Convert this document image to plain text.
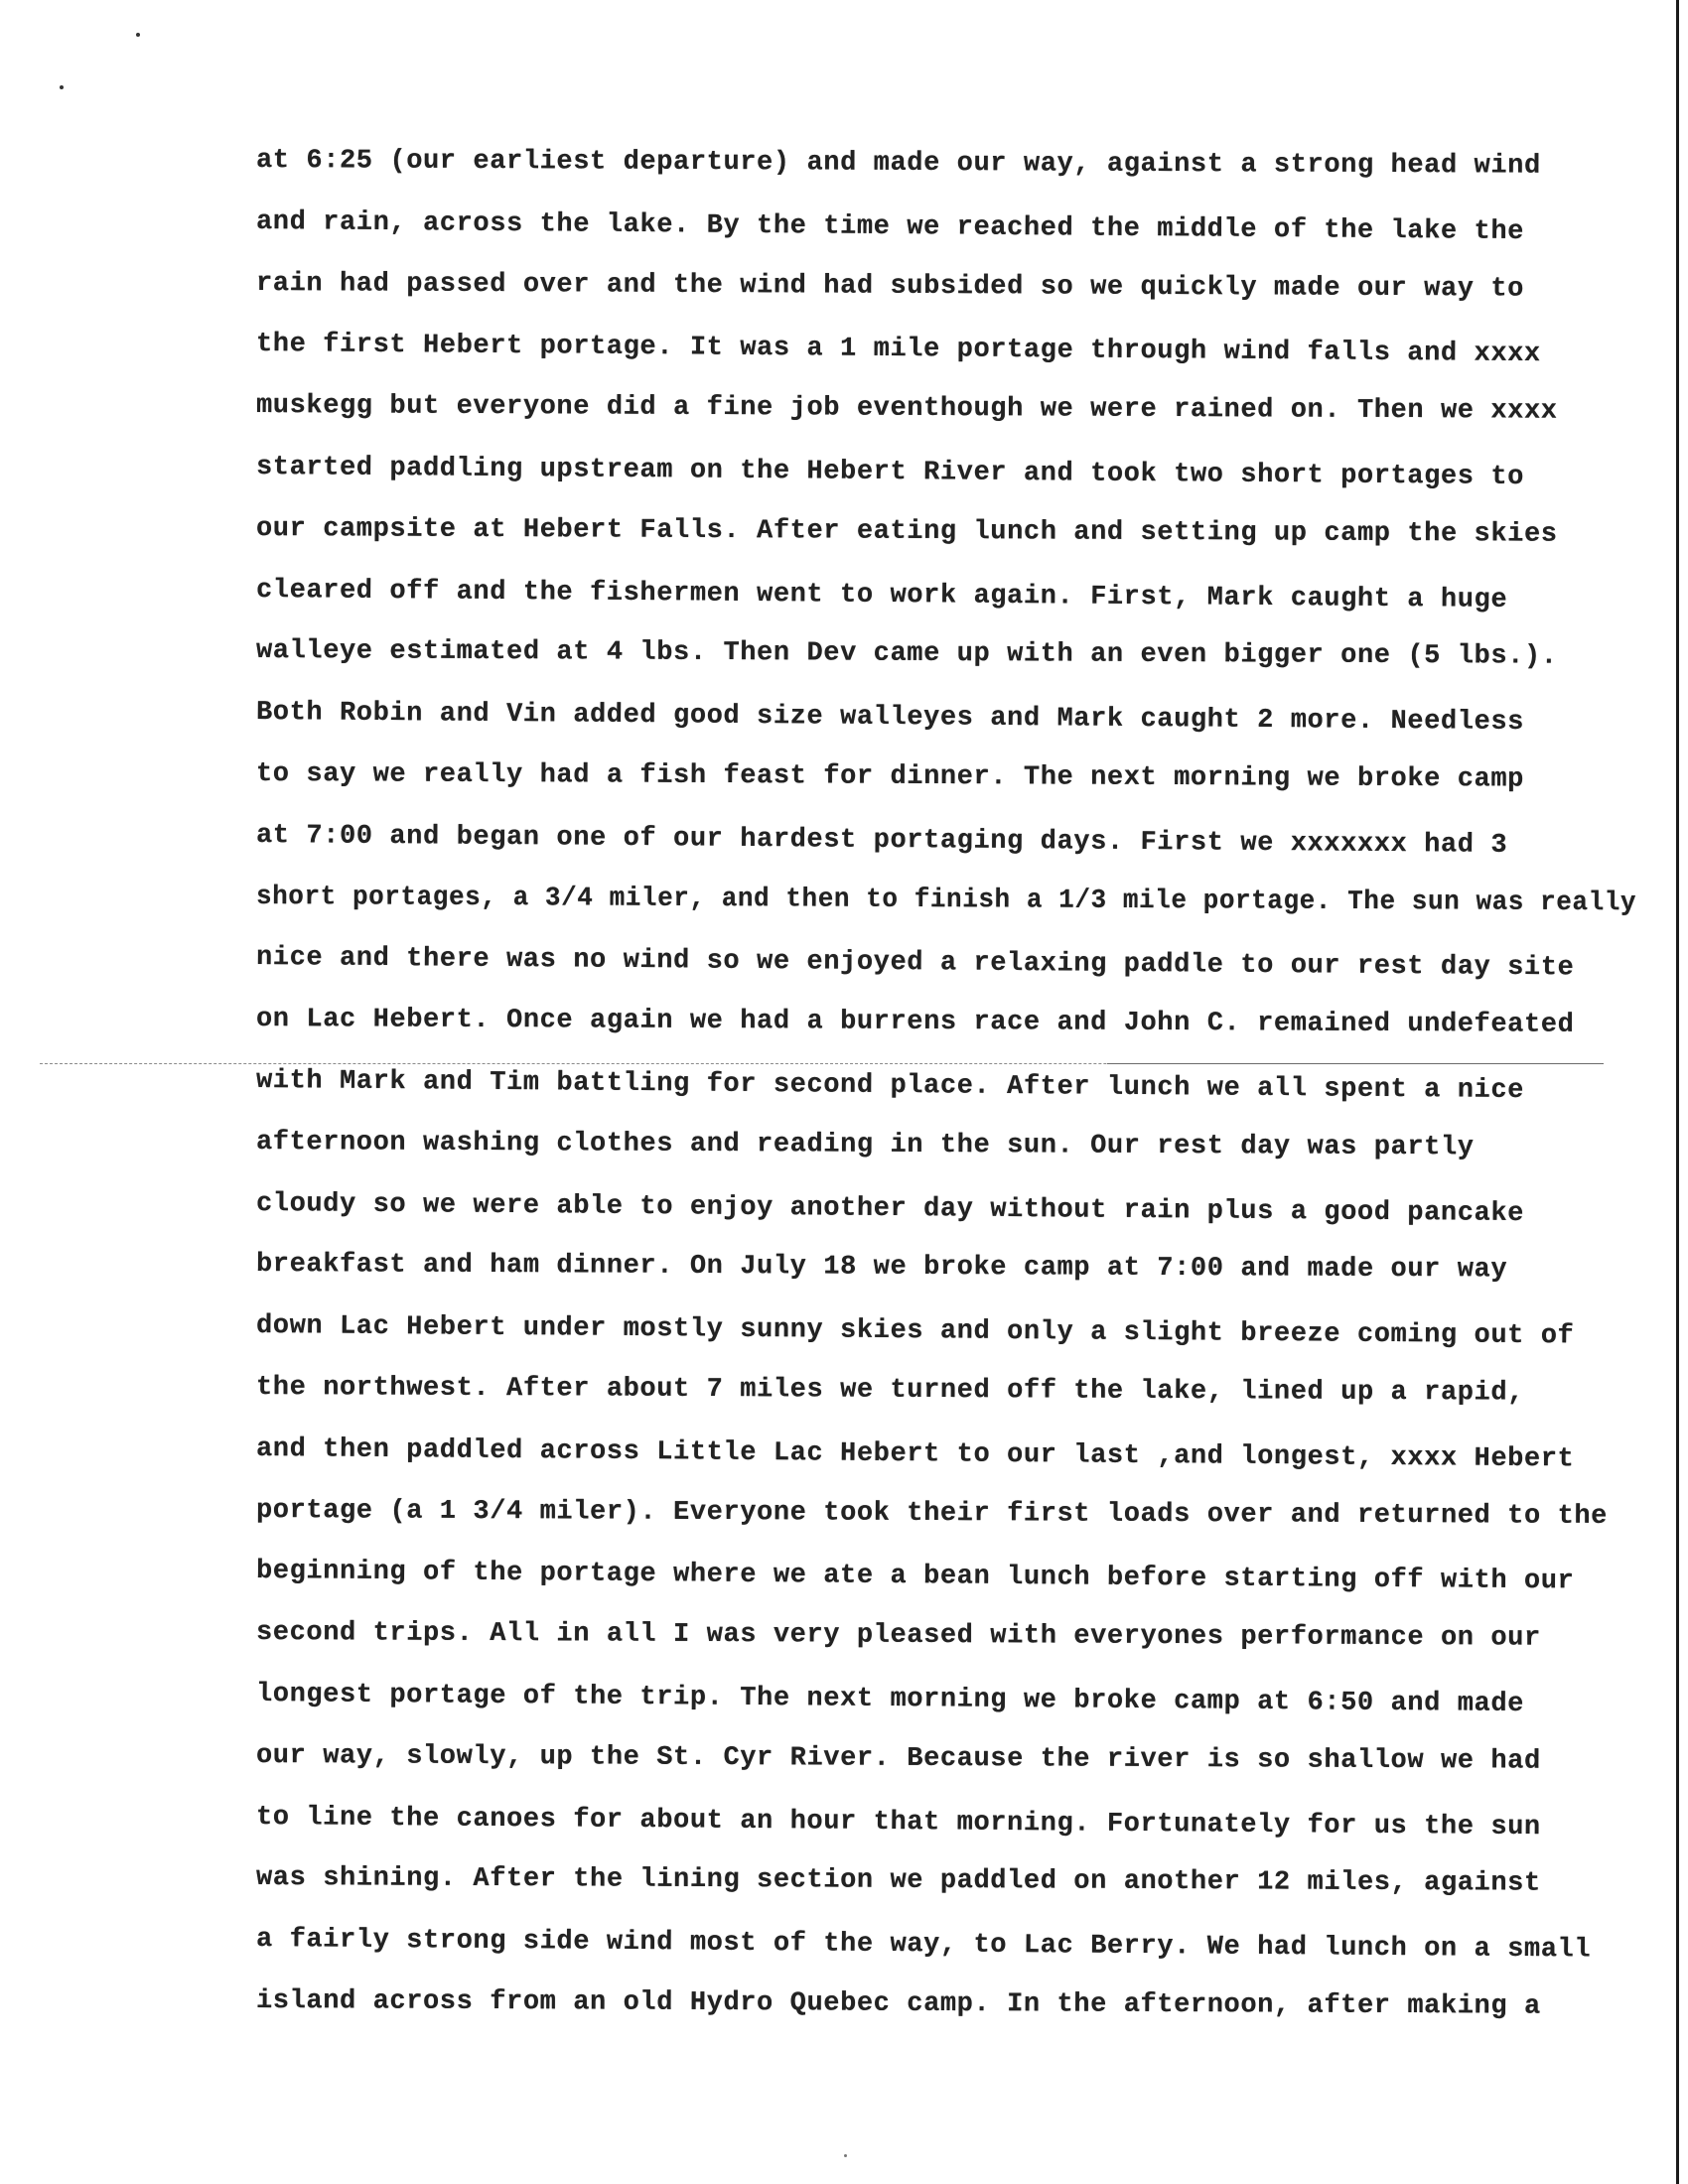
at 6:25 (our earliest departure) and made our way, against a strong head wind
and rain, across the lake. By the time we reached the middle of the lake the
rain had passed over and the wind had subsided so we quickly made our way to
the first Hebert portage. It was a 1 mile portage through wind falls and xxxx
muskegg but everyone did a fine job eventhough we were rained on. Then we xxxx
started paddling upstream on the Hebert River and took two short portages to
our campsite at Hebert Falls. After eating lunch and setting up camp the skies
cleared off and the fishermen went to work again. First, Mark caught a huge
walleye estimated at 4 lbs. Then Dev came up with an even bigger one (5 lbs.).
Both Robin and Vin added good size walleyes and Mark caught 2 more. Needless
to say we really had a fish feast for dinner. The next morning we broke camp
at 7:00 and began one of our hardest portaging days. First we xxxxxxx had 3
short portages, a 3/4 miler, and then to finish a 1/3 mile portage. The sun was really
nice and there was no wind so we enjoyed a relaxing paddle to our rest day site
on Lac Hebert. Once again we had a burrens race and John C. remained undefeated
with Mark and Tim battling for second place. After lunch we all spent a nice
afternoon washing clothes and reading in the sun. Our rest day was partly
cloudy so we were able to enjoy another day without rain plus a good pancake
breakfast and ham dinner. On July 18 we broke camp at 7:00 and made our way
down Lac Hebert under mostly sunny skies and only a slight breeze coming out of
the northwest. After about 7 miles we turned off the lake, lined up a rapid,
and then paddled across Little Lac Hebert to our last ,and longest, xxxx Hebert
portage (a 1 3/4 miler). Everyone took their first loads over and returned to the
beginning of the portage where we ate a bean lunch before starting off with our
second trips. All in all I was very pleased with everyones performance on our
longest portage of the trip. The next morning we broke camp at 6:50 and made
our way, slowly, up the St. Cyr River. Because the river is so shallow we had
to line the canoes for about an hour that morning. Fortunately for us the sun
was shining. After the lining section we paddled on another 12 miles, against
a fairly strong side wind most of the way, to Lac Berry. We had lunch on a small
island across from an old Hydro Quebec camp. In the afternoon, after making a
